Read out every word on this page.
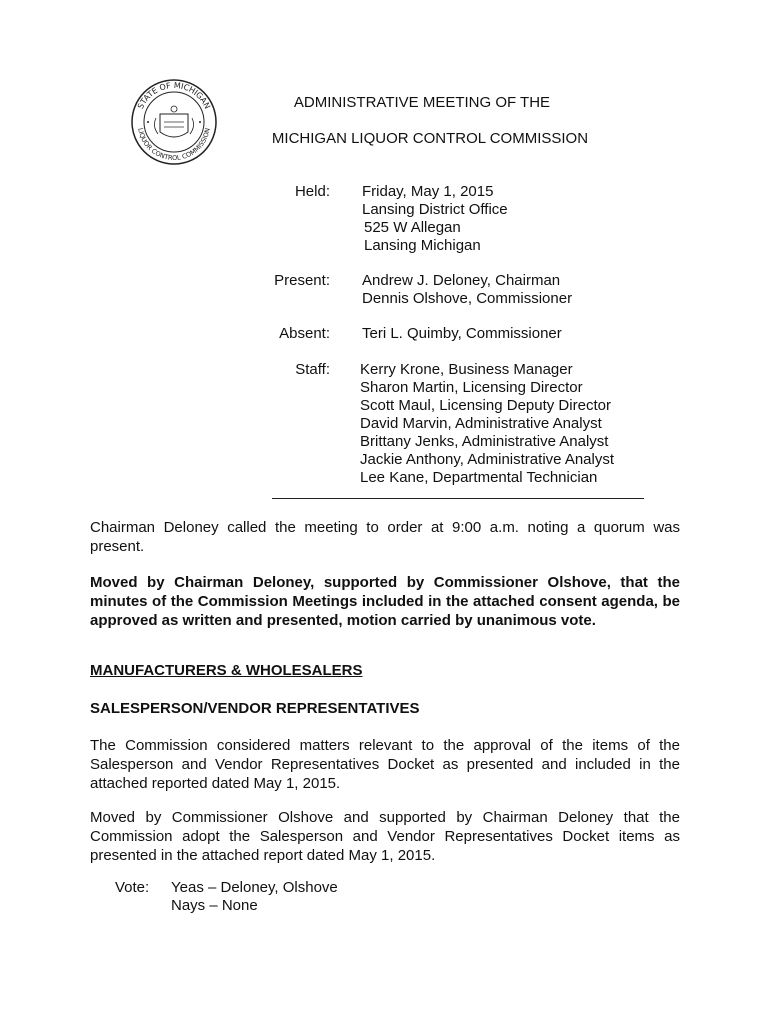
STATE OF MICHIGAN
LIQUOR CONTROL COMMISSION
ADMINISTRATIVE MEETING OF THE
MICHIGAN LIQUOR CONTROL COMMISSION
Held: Friday, May 1, 2015
Lansing District Office
525 W Allegan
Lansing Michigan
Present: Andrew J. Deloney, Chairman
Dennis Olshove, Commissioner
Absent: Teri L. Quimby, Commissioner
Staff: Kerry Krone, Business Manager
Sharon Martin, Licensing Director
Scott Maul, Licensing Deputy Director
David Marvin, Administrative Analyst
Brittany Jenks, Administrative Analyst
Jackie Anthony, Administrative Analyst
Lee Kane, Departmental Technician
Chairman Deloney called the meeting to order at 9:00 a.m. noting a quorum was present.
Moved by Chairman Deloney, supported by Commissioner Olshove, that the minutes of the Commission Meetings included in the attached consent agenda, be approved as written and presented, motion carried by unanimous vote.
MANUFACTURERS & WHOLESALERS
SALESPERSON/VENDOR REPRESENTATIVES
The Commission considered matters relevant to the approval of the items of the Salesperson and Vendor Representatives Docket as presented and included in the attached reported dated May 1, 2015.
Moved by Commissioner Olshove and supported by Chairman Deloney that the Commission adopt the Salesperson and Vendor Representatives Docket items as presented in the attached report dated May 1, 2015.
Vote: Yeas – Deloney, Olshove
Nays – None
